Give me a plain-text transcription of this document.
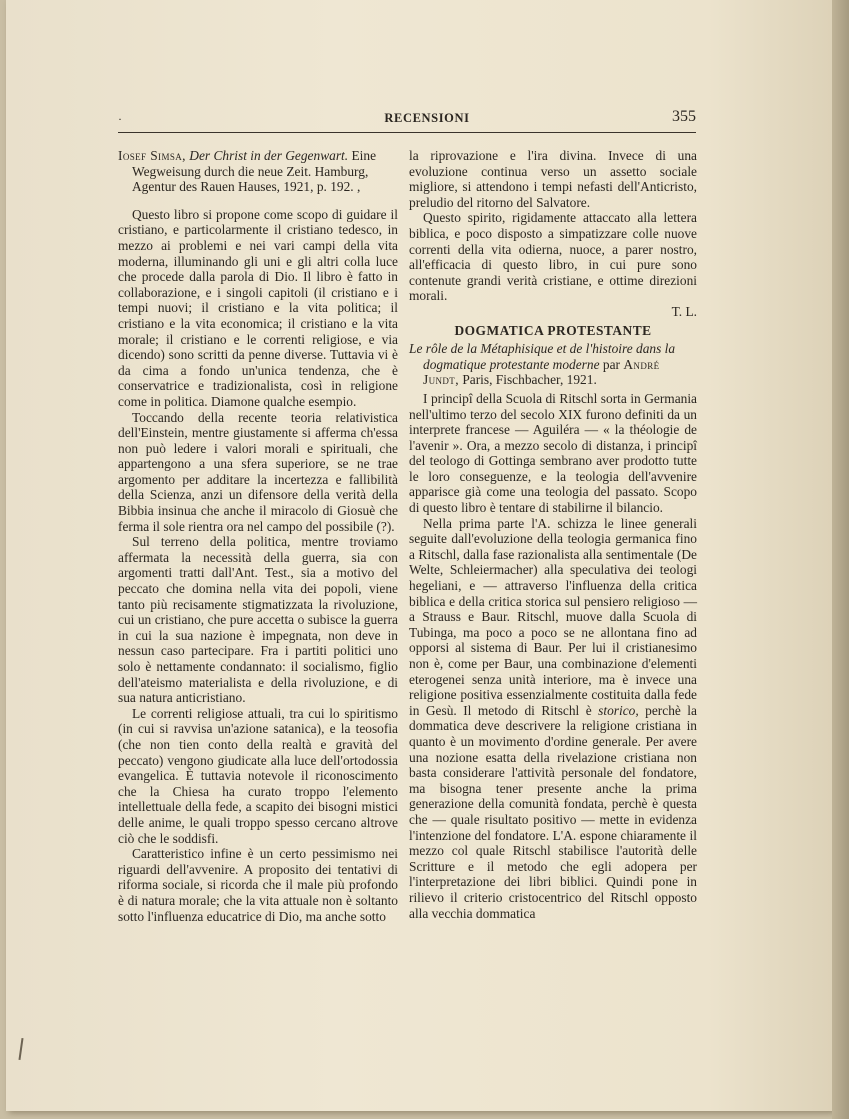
·	RECENSIONI	355

Iosef Simsa, Der Christ in der Gegenwart. Eine Wegweisung durch die neue Zeit. Hamburg, Agentur des Rauen Hauses, 1921, p. 192. ,

Questo libro si propone come scopo di guidare il cristiano, e particolarmente il cristiano tedesco, in mezzo ai problemi e nei vari campi della vita moderna, illuminando gli uni e gli altri colla luce che procede dalla parola di Dio. Il libro è fatto in collaborazione, e i singoli capitoli (il cristiano e i tempi nuovi; il cristiano e la vita politica; il cristiano e la vita economica; il cristiano e la vita morale; il cristiano e le correnti religiose, e via dicendo) sono scritti da penne diverse. Tuttavia vi è da cima a fondo un'unica tendenza, che è conservatrice e tradizionalista, così in religione come in politica. Diamone qualche esempio.

Toccando della recente teoria relativistica dell'Einstein, mentre giustamente si afferma ch'essa non può ledere i valori morali e spirituali, che appartengono a una sfera superiore, se ne trae argomento per additare la incertezza e fallibilità della Scienza, anzi un difensore della verità della Bibbia insinua che anche il miracolo di Giosuè che ferma il sole rientra ora nel campo del possibile (?).

Sul terreno della politica, mentre troviamo affermata la necessità della guerra, sia con argomenti tratti dall'Ant. Test., sia a motivo del peccato che domina nella vita dei popoli, viene tanto più recisamente stigmatizzata la rivoluzione, cui un cristiano, che pure accetta o subisce la guerra in cui la sua nazione è impegnata, non deve in nessun caso partecipare. Fra i partiti politici uno solo è nettamente condannato: il socialismo, figlio dell'ateismo materialista e della rivoluzione, e di sua natura anticristiano.

Le correnti religiose attuali, tra cui lo spiritismo (in cui si ravvisa un'azione satanica), e la teosofia (che non tien conto della realtà e gravità del peccato) vengono giudicate alla luce dell'ortodossia evangelica. È tuttavia notevole il riconoscimento che la Chiesa ha curato troppo l'elemento intellettuale della fede, a scapito dei bisogni mistici delle anime, le quali troppo spesso cercano altrove ciò che le soddisfi.

Caratteristico infine è un certo pessimismo nei riguardi dell'avvenire. A proposito dei tentativi di riforma sociale, si ricorda che il male più profondo è di natura morale; che la vita attuale non è soltanto sotto l'influenza educatrice di Dio, ma anche sotto

la riprovazione e l'ira divina. Invece di una evoluzione continua verso un assetto sociale migliore, si attendono i tempi nefasti dell'Anticristo, preludio del ritorno del Salvatore.

Questo spirito, rigidamente attaccato alla lettera biblica, e poco disposto a simpatizzare colle nuove correnti della vita odierna, nuoce, a parer nostro, all'efficacia di questo libro, in cui pure sono contenute grandi verità cristiane, e ottime direzioni morali.

T. L.

DOGMATICA PROTESTANTE

Le rôle de la Métaphisique et de l'histoire dans la dogmatique protestante moderne par André Jundt, Paris, Fischbacher, 1921.

I principî della Scuola di Ritschl sorta in Germania nell'ultimo terzo del secolo XIX furono definiti da un interprete francese — Aguiléra — « la théologie de l'avenir ». Ora, a mezzo secolo di distanza, i principî del teologo di Gottinga sembrano aver prodotto tutte le loro conseguenze, e la teologia dell'avvenire apparisce già come una teologia del passato. Scopo di questo libro è tentare di stabilirne il bilancio.

Nella prima parte l'A. schizza le linee generali seguite dall'evoluzione della teologia germanica fino a Ritschl, dalla fase razionalista alla sentimentale (De Welte, Schleiermacher) alla speculativa dei teologi hegeliani, e — attraverso l'influenza della critica biblica e della critica storica sul pensiero religioso — a Strauss e Baur. Ritschl, muove dalla Scuola di Tubinga, ma poco a poco se ne allontana fino ad opporsi al sistema di Baur. Per lui il cristianesimo non è, come per Baur, una combinazione d'elementi eterogenei senza unità interiore, ma è invece una religione positiva essenzialmente costituita dalla fede in Gesù. Il metodo di Ritschl è storico, perchè la dommatica deve descrivere la religione cristiana in quanto è un movimento d'ordine generale. Per avere una nozione esatta della rivelazione cristiana non basta considerare l'attività personale del fondatore, ma bisogna tener presente anche la prima generazione della comunità fondata, perchè è questa che — quale risultato positivo — mette in evidenza l'intenzione del fondatore. L'A. espone chiaramente il mezzo col quale Ritschl stabilisce l'autorità delle Scritture e il metodo che egli adopera per l'interpretazione dei libri biblici. Quindi pone in rilievo il criterio cristocentrico del Ritschl opposto alla vecchia dommatica
